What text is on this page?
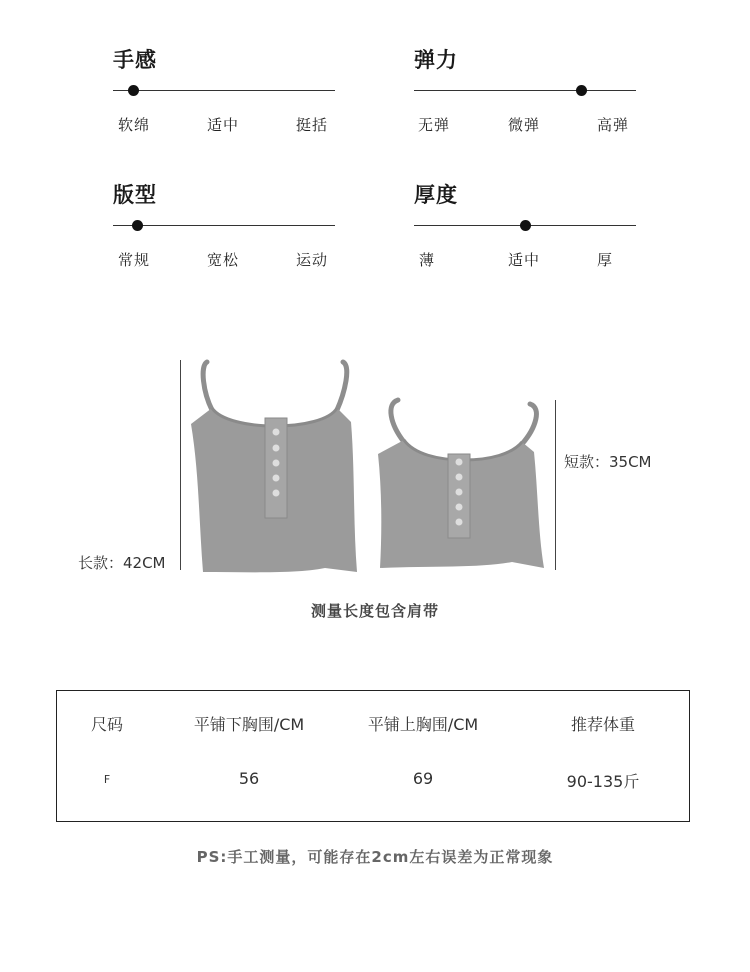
手感
软绵	适中	挺括
弹力
无弹	微弹	高弹
版型
常规	宽松	运动
厚度
薄	适中	厚
长款：42CM
短款：35CM
测量长度包含肩带
尺码	平铺下胸围/CM	平铺上胸围/CM	推荐体重
F	56	69	90-135斤
PS:手工测量，可能存在2cm左右误差为正常现象
